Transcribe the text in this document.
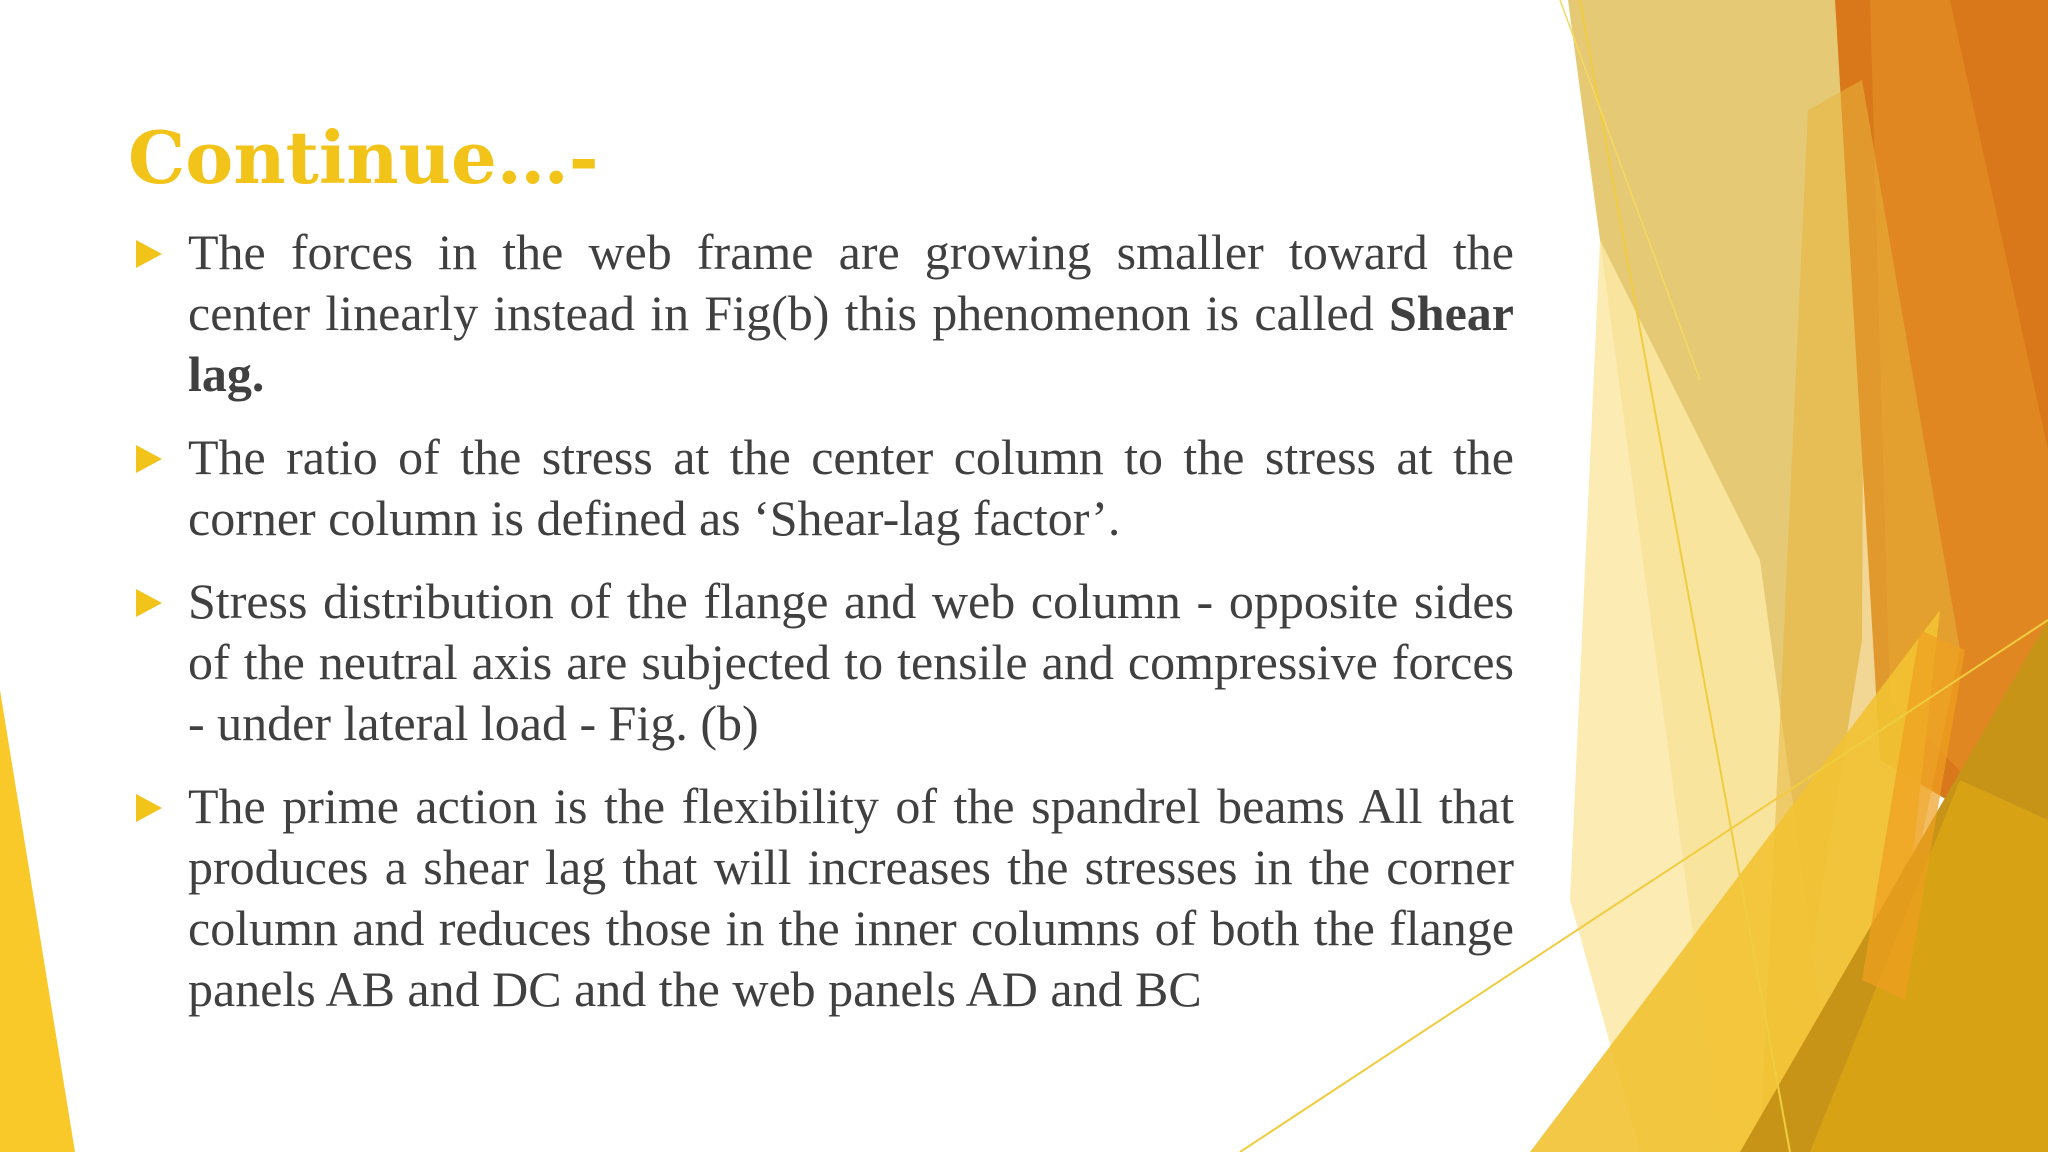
Continue…-
The forces in the web frame are growing smaller toward the center linearly instead in Fig(b) this phenomenon is called Shear lag.
The ratio of the stress at the center column to the stress at the corner column is defined as ‘Shear-lag factor’.
Stress distribution of the flange and web column - opposite sides of the neutral axis are subjected to tensile and compressive forces - under lateral load - Fig. (b)
The prime action is the flexibility of the spandrel beams All that produces a shear lag that will increases the stresses in the corner column and reduces those in the inner columns of both the flange panels AB and DC and the web panels AD and BC
